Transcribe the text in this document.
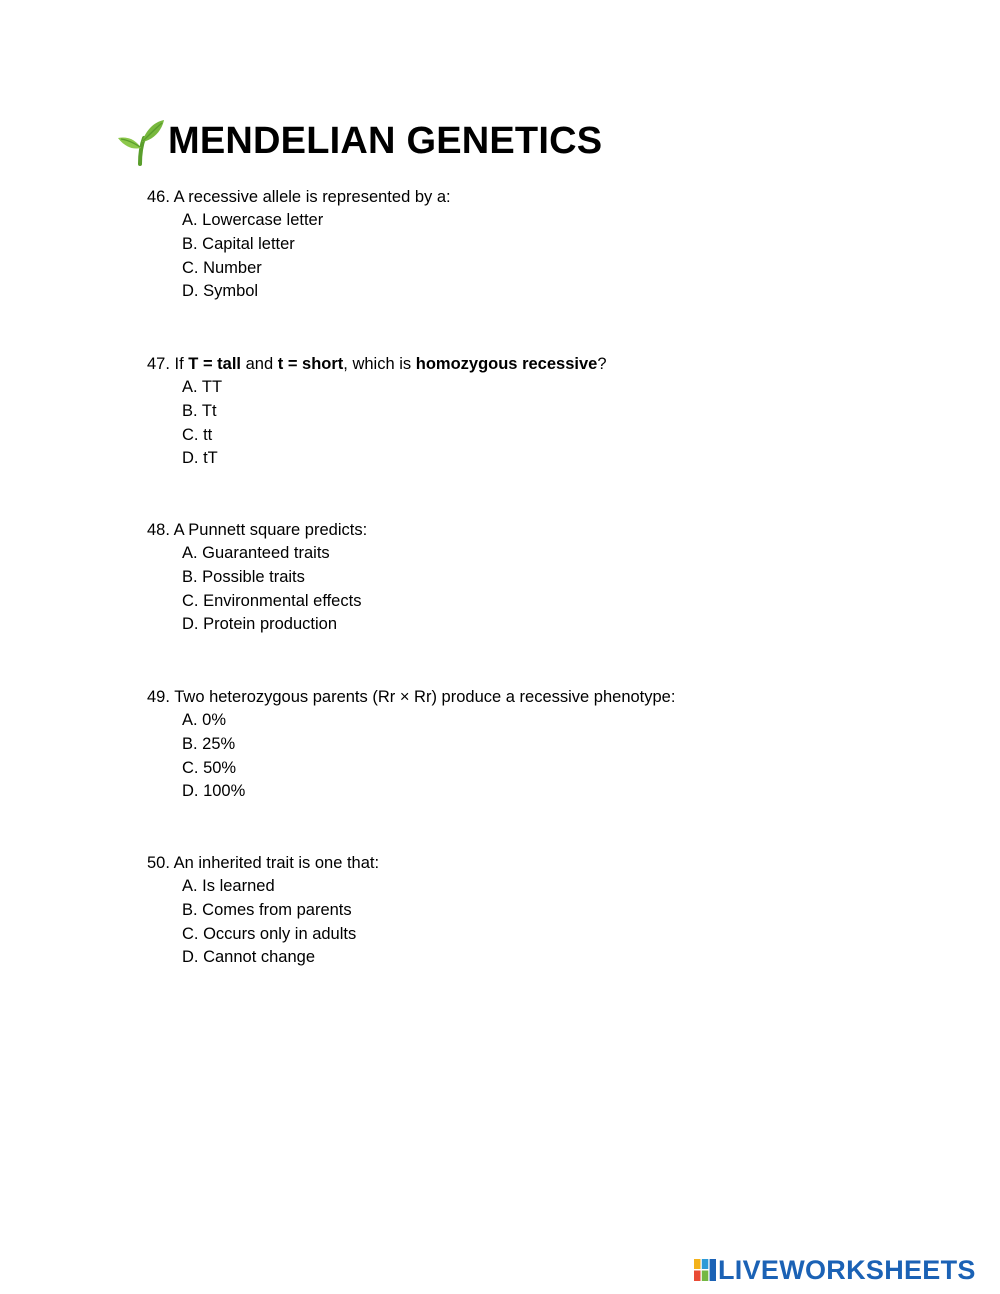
MENDELIAN GENETICS
46. A recessive allele is represented by a:
A. Lowercase letter
B. Capital letter
C. Number
D. Symbol
47. If T = tall and t = short, which is homozygous recessive?
A. TT
B. Tt
C. tt
D. tT
48. A Punnett square predicts:
A. Guaranteed traits
B. Possible traits
C. Environmental effects
D. Protein production
49. Two heterozygous parents (Rr × Rr) produce a recessive phenotype:
A. 0%
B. 25%
C. 50%
D. 100%
50. An inherited trait is one that:
A. Is learned
B. Comes from parents
C. Occurs only in adults
D. Cannot change
LIVEWORKSHEETS
